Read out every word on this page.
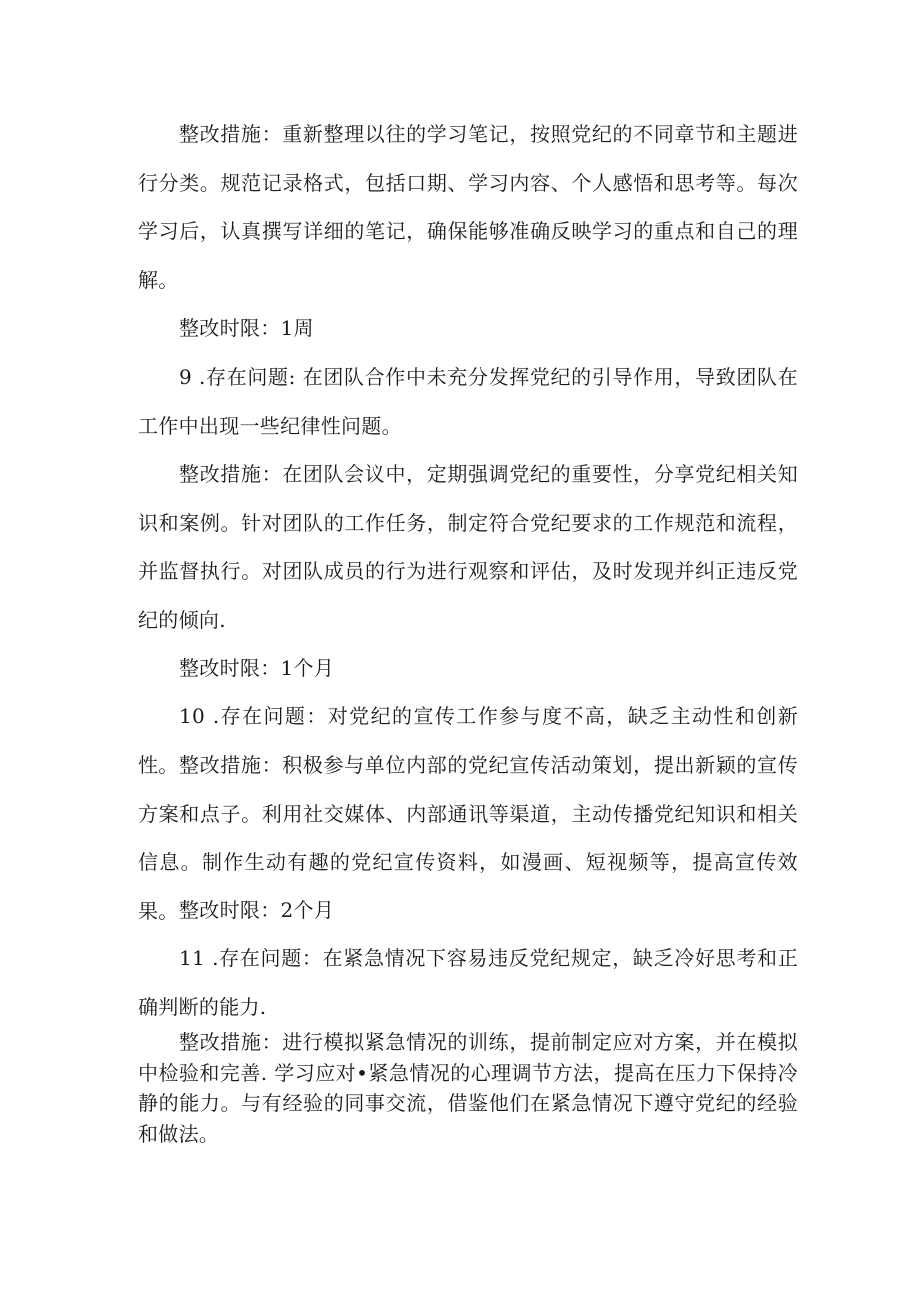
整改措施：重新整理以往的学习笔记，按照党纪的不同章节和主题进行分类。规范记录格式，包括口期、学习内容、个人感悟和思考等。每次学习后，认真撰写详细的笔记，确保能够准确反映学习的重点和自己的理解。

整改时限：1周

9 .存在问题: 在团队合作中未充分发挥党纪的引导作用，导致团队在工作中出现一些纪律性问题。

整改措施：在团队会议中，定期强调党纪的重要性，分享党纪相关知识和案例。针对团队的工作任务，制定符合党纪要求的工作规范和流程，并监督执行。对团队成员的行为进行观察和评估，及时发现并纠正违反党纪的倾向.

整改时限：1个月

10 .存在问题：对党纪的宣传工作参与度不高，缺乏主动性和创新性。 整改措施：积极参与单位内部的党纪宣传活动策划，提出新颖的宣传方案和点子。利用社交媒体、内部通讯等渠道，主动传播党纪知识和相关信息。制作生动有趣的党纪宣传资料，如漫画、短视频等，提高宣传效果。 整改时限：2个月

11 .存在问题：在紧急情况下容易违反党纪规定，缺乏冷好思考和正确判断的能力.

整改措施：进行模拟紧急情况的训练，提前制定应对方案，并在模拟中检验和完善. 学习应对•紧急情况的心理调节方法，提高在压力下保持冷静的能力。与有经验的同事交流，借鉴他们在紧急情况下遵守党纪的经验和做法。
